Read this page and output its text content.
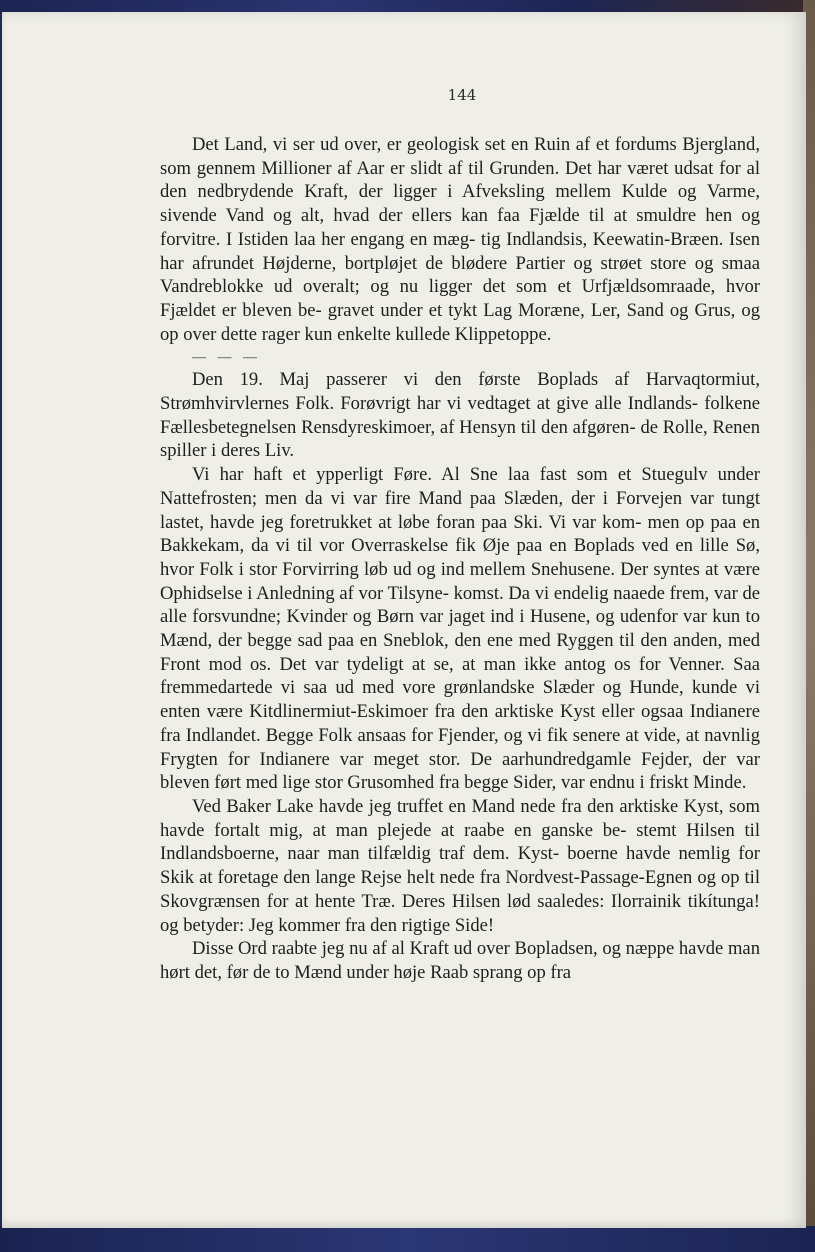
144

Det Land, vi ser ud over, er geologisk set en Ruin af et fordums Bjergland, som gennem Millioner af Aar er slidt af til Grunden. Det har været udsat for al den nedbrydende Kraft, der ligger i Afveksling mellem Kulde og Varme, sivende Vand og alt, hvad der ellers kan faa Fjælde til at smuldre hen og forvitre. I Istiden laa her engang en mæg- tig Indlandsis, Keewatin-Bræen. Isen har afrundet Højderne, bortpløjet de blødere Partier og strøet store og smaa Vandreblokke ud overalt; og nu ligger det som et Urfjældsomraade, hvor Fjældet er bleven be- gravet under et tykt Lag Moræne, Ler, Sand og Grus, og op over dette rager kun enkelte kullede Klippetoppe.

— — —

Den 19. Maj passerer vi den første Boplads af Harvaqtormiut, Strømhvirvlernes Folk. Forøvrigt har vi vedtaget at give alle Indlands- folkene Fællesbetegnelsen Rensdyreskimoer, af Hensyn til den afgøren- de Rolle, Renen spiller i deres Liv.

Vi har haft et ypperligt Føre. Al Sne laa fast som et Stuegulv under Nattefrosten; men da vi var fire Mand paa Slæden, der i Forvejen var tungt lastet, havde jeg foretrukket at løbe foran paa Ski. Vi var kom- men op paa en Bakkekam, da vi til vor Overraskelse fik Øje paa en Boplads ved en lille Sø, hvor Folk i stor Forvirring løb ud og ind mellem Snehusene. Der syntes at være Ophidselse i Anledning af vor Tilsyne- komst. Da vi endelig naaede frem, var de alle forsvundne; Kvinder og Børn var jaget ind i Husene, og udenfor var kun to Mænd, der begge sad paa en Sneblok, den ene med Ryggen til den anden, med Front mod os. Det var tydeligt at se, at man ikke antog os for Venner. Saa fremmedartede vi saa ud med vore grønlandske Slæder og Hunde, kunde vi enten være Kitdlinermiut-Eskimoer fra den arktiske Kyst eller ogsaa Indianere fra Indlandet. Begge Folk ansaas for Fjender, og vi fik senere at vide, at navnlig Frygten for Indianere var meget stor. De aarhundredgamle Fejder, der var bleven ført med lige stor Grusomhed fra begge Sider, var endnu i friskt Minde.

Ved Baker Lake havde jeg truffet en Mand nede fra den arktiske Kyst, som havde fortalt mig, at man plejede at raabe en ganske be- stemt Hilsen til Indlandsboerne, naar man tilfældig traf dem. Kyst- boerne havde nemlig for Skik at foretage den lange Rejse helt nede fra Nordvest-Passage-Egnen og op til Skovgrænsen for at hente Træ. Deres Hilsen lød saaledes: Ilorrainik tikítunga! og betyder: Jeg kommer fra den rigtige Side!

Disse Ord raabte jeg nu af al Kraft ud over Bopladsen, og næppe havde man hørt det, før de to Mænd under høje Raab sprang op fra
